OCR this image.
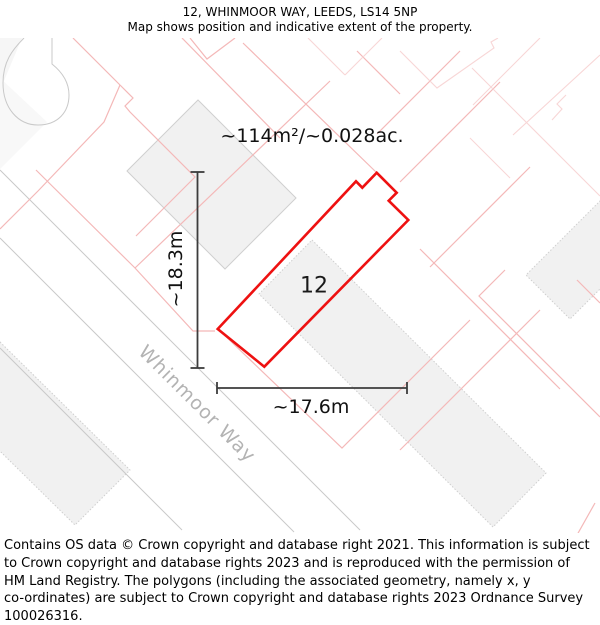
12, WHINMOOR WAY, LEEDS, LS14 5NP
Map shows position and indicative extent of the property.
~114m²/~0.028ac.
12
~18.3m
~17.6m
Whinmoor Way
Contains OS data © Crown copyright and database right 2021. This information is subject
to Crown copyright and database rights 2023 and is reproduced with the permission of
HM Land Registry. The polygons (including the associated geometry, namely x, y
co-ordinates) are subject to Crown copyright and database rights 2023 Ordnance Survey
100026316.
